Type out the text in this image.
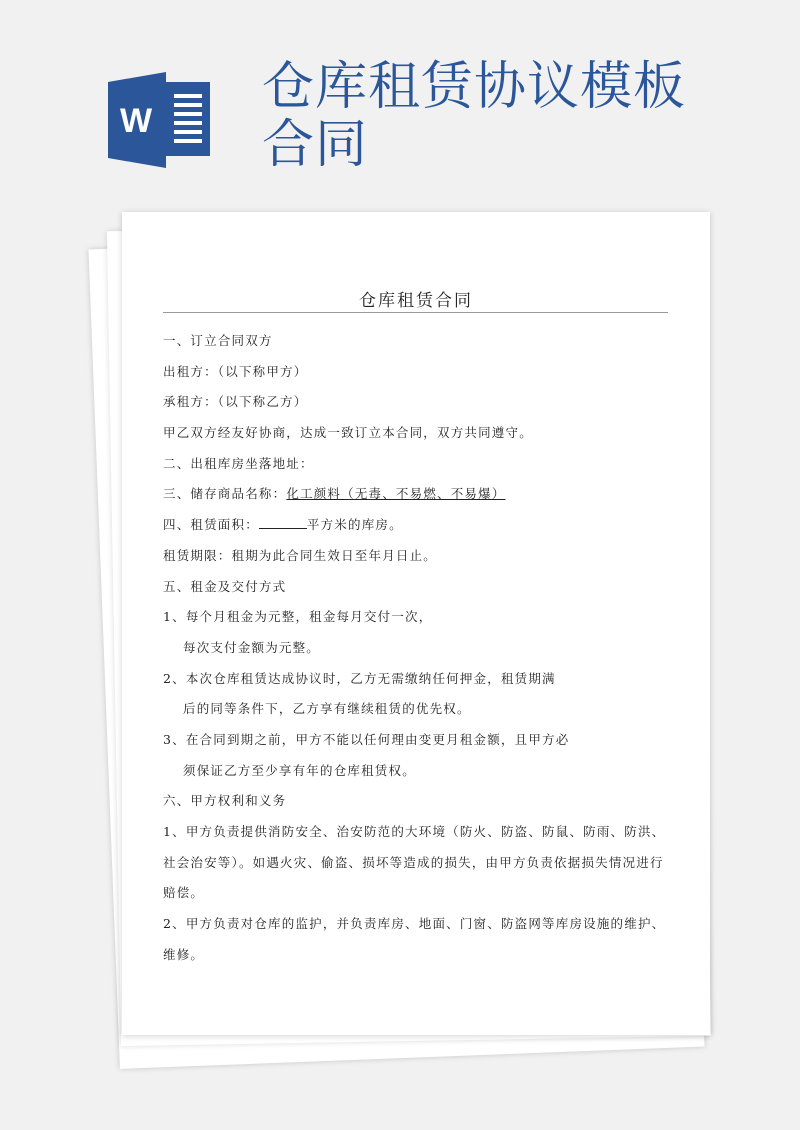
W
仓库租赁协议模板合同
仓库租赁合同
一、订立合同双方
出租方：（以下称甲方）
承租方：（以下称乙方）
甲乙双方经友好协商，达成一致订立本合同，双方共同遵守。
二、出租库房坐落地址：
三、储存商品名称：化工颜料（无毒、不易燃、不易爆）
四、租赁面积：	平方米的库房。
租赁期限：租期为此合同生效日至年月日止。
五、租金及交付方式
1、每个月租金为元整，租金每月交付一次，
每次支付金额为元整。
2、本次仓库租赁达成协议时，乙方无需缴纳任何押金，租赁期满
后的同等条件下，乙方享有继续租赁的优先权。
3、在合同到期之前，甲方不能以任何理由变更月租金额，且甲方必
须保证乙方至少享有年的仓库租赁权。
六、甲方权利和义务
1、甲方负责提供消防安全、治安防范的大环境（防火、防盗、防鼠、防雨、防洪、
社会治安等）。如遇火灾、偷盗、损坏等造成的损失，由甲方负责依据损失情况进行
赔偿。
2、甲方负责对仓库的监护，并负责库房、地面、门窗、防盗网等库房设施的维护、
维修。
